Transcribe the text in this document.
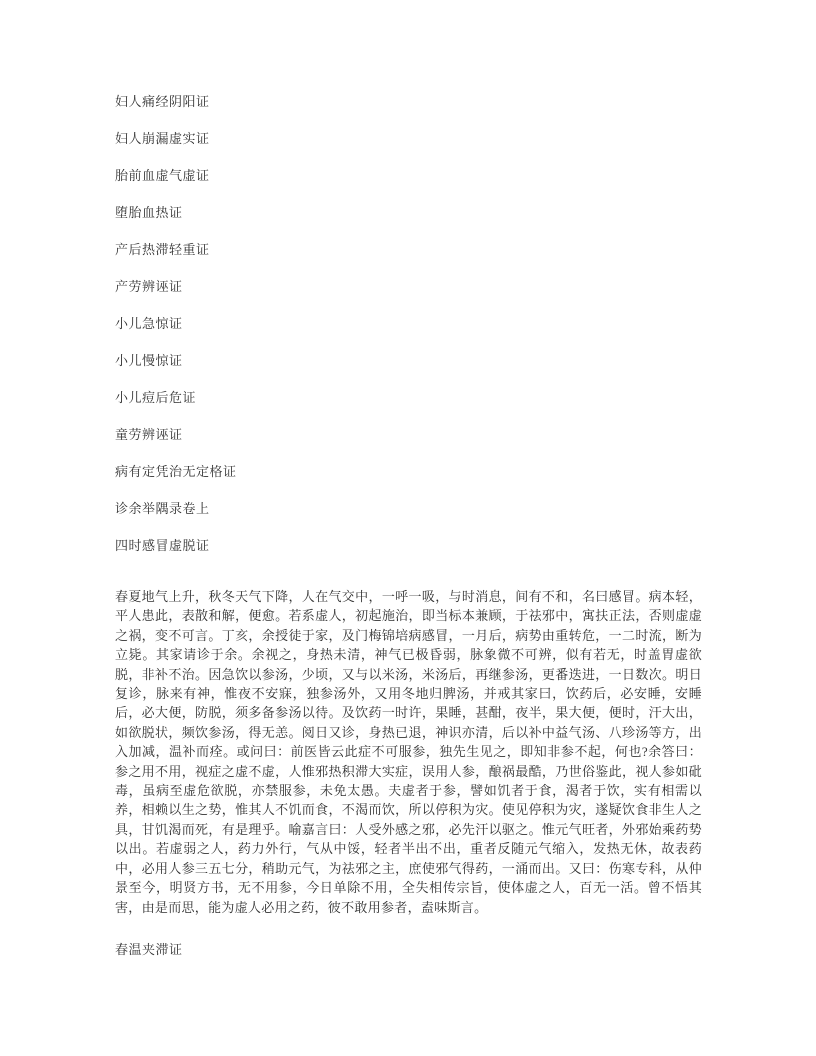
妇人痛经阴阳证
妇人崩漏虚实证
胎前血虚气虚证
堕胎血热证
产后热滞轻重证
产劳辨诬证
小儿急惊证
小儿慢惊证
小儿痘后危证
童劳辨诬证
病有定凭治无定格证
诊余举隅录卷上
四时感冒虚脱证

春夏地气上升，秋冬天气下降，人在气交中，一呼一吸，与时消息，间有不和，名曰感冒。病本轻，平人患此，表散和解，便愈。若系虚人，初起施治，即当标本兼顾，于祛邪中，寓扶正法，否则虚虚之祸，变不可言。丁亥，余授徒于家，及门梅锦培病感冒，一月后，病势由重转危，一二时流，断为立毙。其家请诊于余。余视之，身热未清，神气已极昏弱，脉象微不可辨，似有若无，时盖胃虚欲脱，非补不治。因急饮以参汤，少顷，又与以米汤，米汤后，再继参汤，更番迭进，一日数次。明日复诊，脉来有神，惟夜不安寐，独参汤外，又用冬地归脾汤，并戒其家曰，饮药后，必安睡，安睡后，必大便，防脱，须多备参汤以待。及饮药一时许，果睡，甚酣，夜半，果大便，便时，汗大出，如欲脱状，频饮参汤，得无恙。阅日又诊，身热已退，神识亦清，后以补中益气汤、八珍汤等方，出入加减，温补而痊。或问曰：前医皆云此症不可服参，独先生见之，即知非参不起，何也?余答曰：参之用不用，视症之虚不虚，人惟邪热积滞大实症，误用人参，酿祸最酷，乃世俗鉴此，视人参如砒毒，虽病至虚危欲脱，亦禁服参，未免太愚。夫虚者于参，譬如饥者于食，渴者于饮，实有相需以养，相赖以生之势，惟其人不饥而食，不渴而饮，所以停积为灾。使见停积为灾，遂疑饮食非生人之具，甘饥渴而死，有是理乎。喻嘉言曰：人受外感之邪，必先汗以驱之。惟元气旺者，外邪始乘药势以出。若虚弱之人，药力外行，气从中馁，轻者半出不出，重者反随元气缩入，发热无休，故表药中，必用人参三五七分，稍助元气，为祛邪之主，庶使邪气得药，一涌而出。又曰：伤寒专科，从仲景至今，明贤方书，无不用参，今日单除不用，全失相传宗旨，使体虚之人，百无一活。曾不悟其害，由是而思，能为虚人必用之药，彼不敢用参者，盍味斯言。

春温夹滞证
